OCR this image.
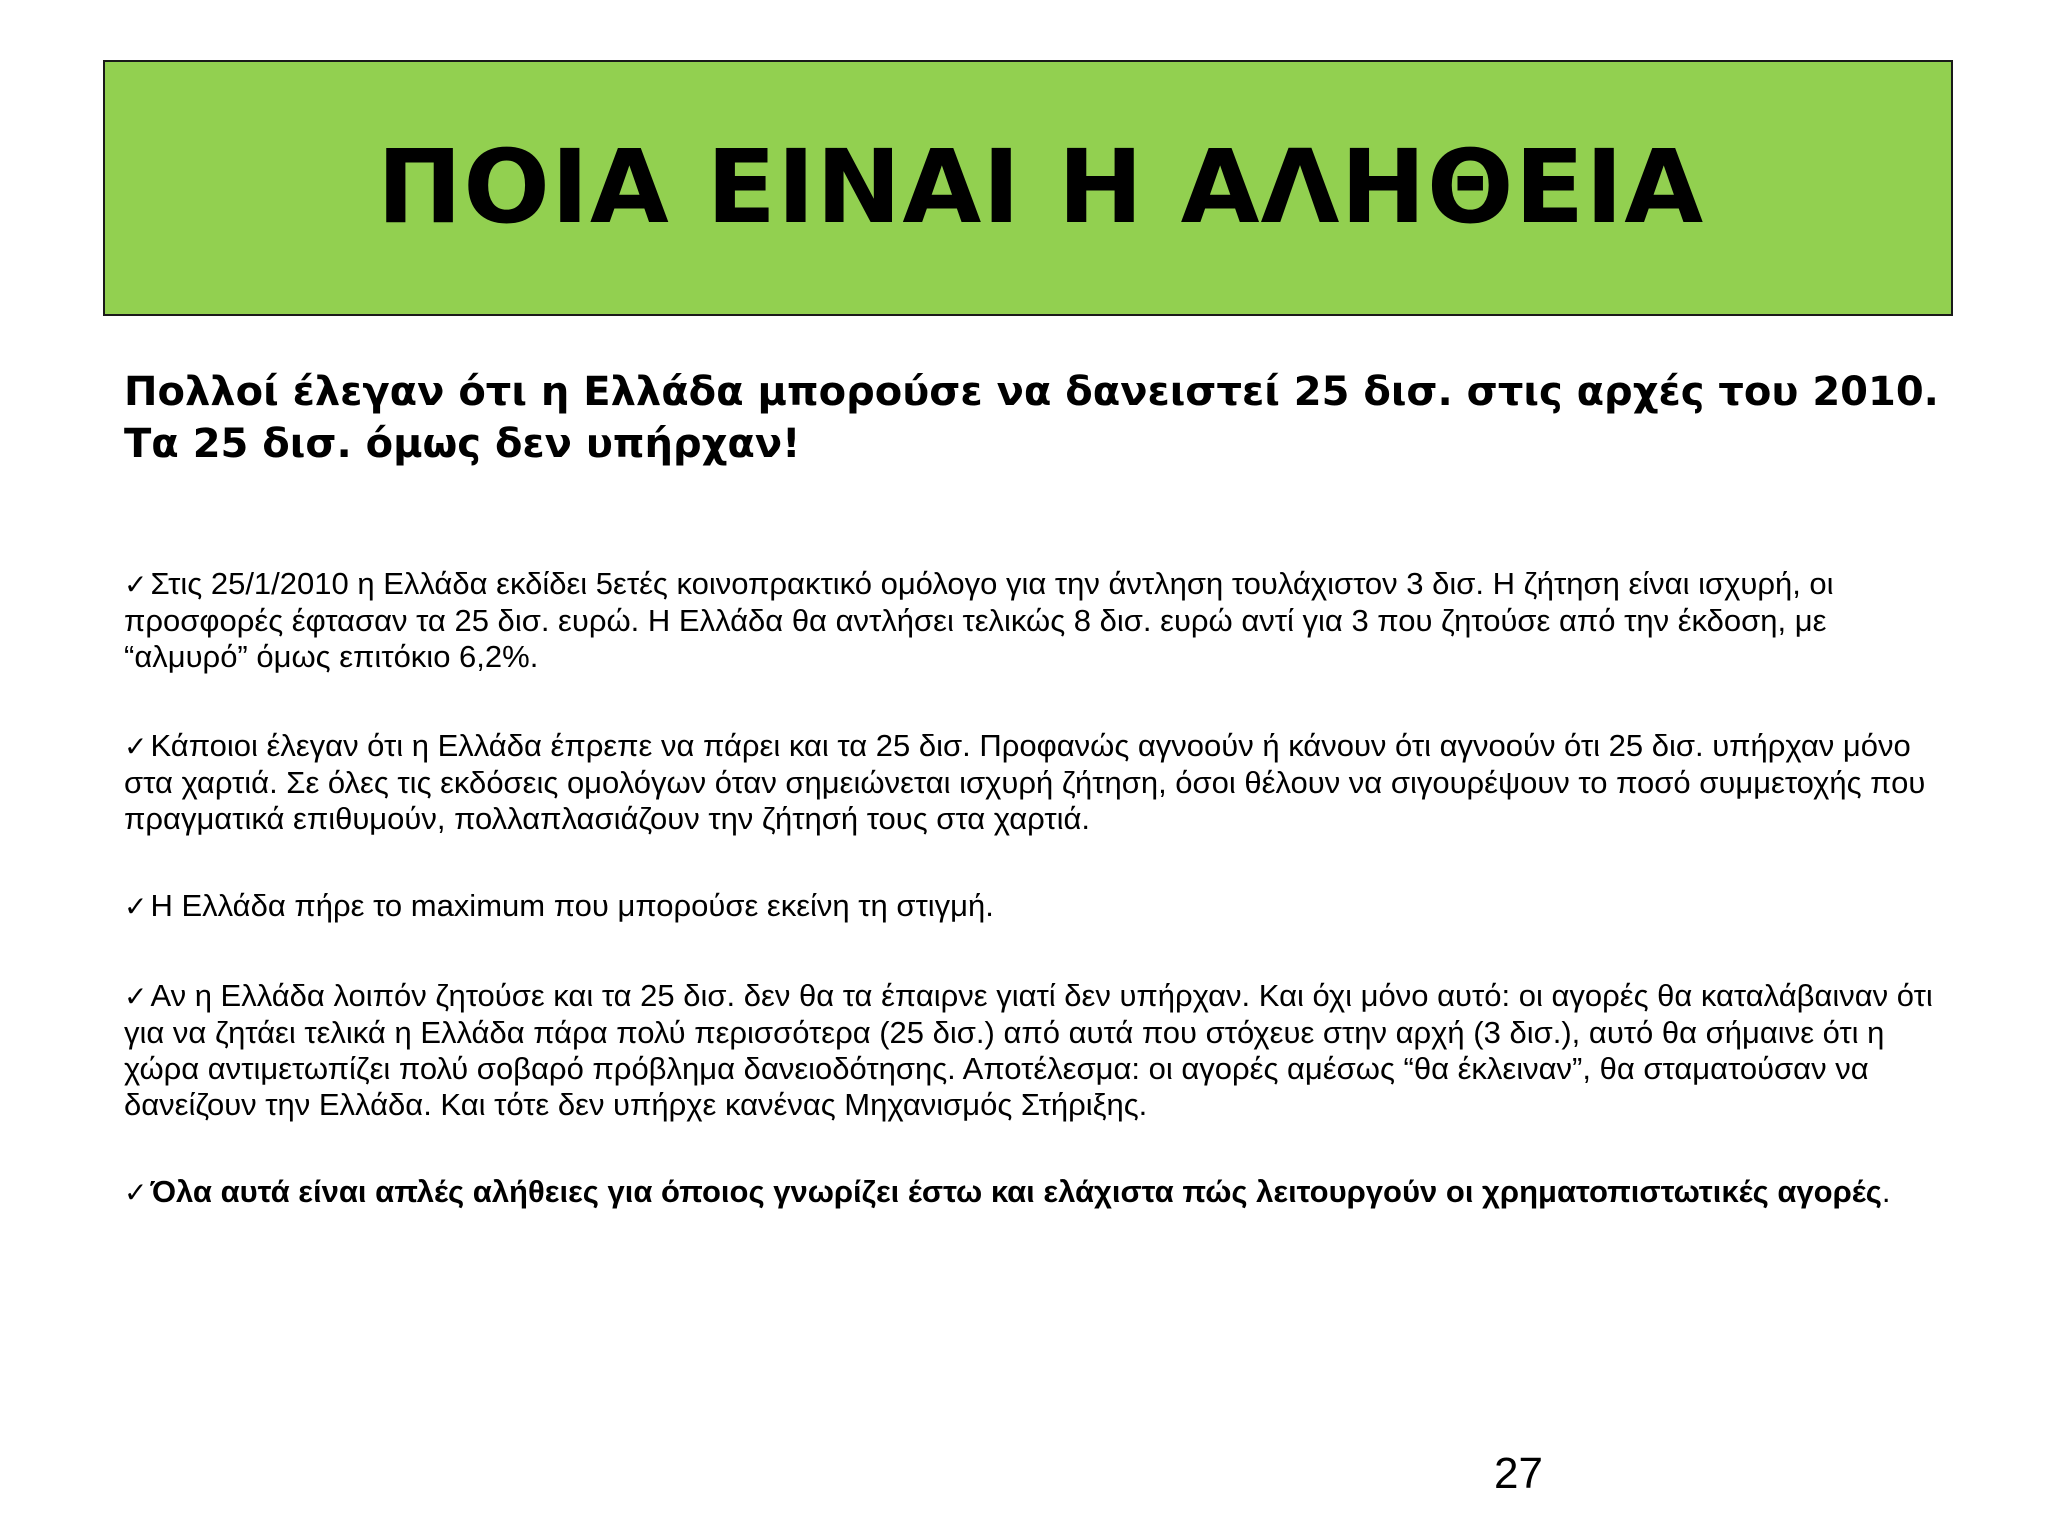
ΠΟΙΑ ΕΙΝΑΙ Η ΑΛΗΘΕΙΑ

Πολλοί έλεγαν ότι η Ελλάδα μπορούσε να δανειστεί 25 δισ. στις αρχές του 2010. Τα 25 δισ. όμως δεν υπήρχαν!

✓Στις 25/1/2010 η Ελλάδα εκδίδει 5ετές κοινοπρακτικό ομόλογο για την άντληση τουλάχιστον 3 δισ. Η ζήτηση είναι ισχυρή, οι προσφορές έφτασαν τα 25 δισ. ευρώ. Η Ελλάδα θα αντλήσει τελικώς 8 δισ. ευρώ αντί για 3 που ζητούσε από την έκδοση, με “αλμυρό” όμως επιτόκιο 6,2%.

✓Κάποιοι έλεγαν ότι η Ελλάδα έπρεπε να πάρει και τα 25 δισ. Προφανώς αγνοούν ή κάνουν ότι αγνοούν ότι 25 δισ. υπήρχαν μόνο στα χαρτιά. Σε όλες τις εκδόσεις ομολόγων όταν σημειώνεται ισχυρή ζήτηση, όσοι θέλουν να σιγουρέψουν το ποσό συμμετοχής που πραγματικά επιθυμούν, πολλαπλασιάζουν την ζήτησή τους στα χαρτιά.

✓Η Ελλάδα πήρε το maximum που μπορούσε εκείνη τη στιγμή.

✓Αν η Ελλάδα λοιπόν ζητούσε και τα 25 δισ. δεν θα τα έπαιρνε γιατί δεν υπήρχαν. Και όχι μόνο αυτό: οι αγορές θα καταλάβαιναν ότι για να ζητάει τελικά η Ελλάδα πάρα πολύ περισσότερα (25 δισ.) από αυτά που στόχευε στην αρχή (3 δισ.), αυτό θα σήμαινε ότι η χώρα αντιμετωπίζει πολύ σοβαρό πρόβλημα δανειοδότησης. Αποτέλεσμα: οι αγορές αμέσως “θα έκλειναν”, θα σταματούσαν να δανείζουν την Ελλάδα. Και τότε δεν υπήρχε κανένας Μηχανισμός Στήριξης.

✓Όλα αυτά είναι απλές αλήθειες για όποιος γνωρίζει έστω και ελάχιστα πώς λειτουργούν οι χρηματοπιστωτικές αγορές.

27
